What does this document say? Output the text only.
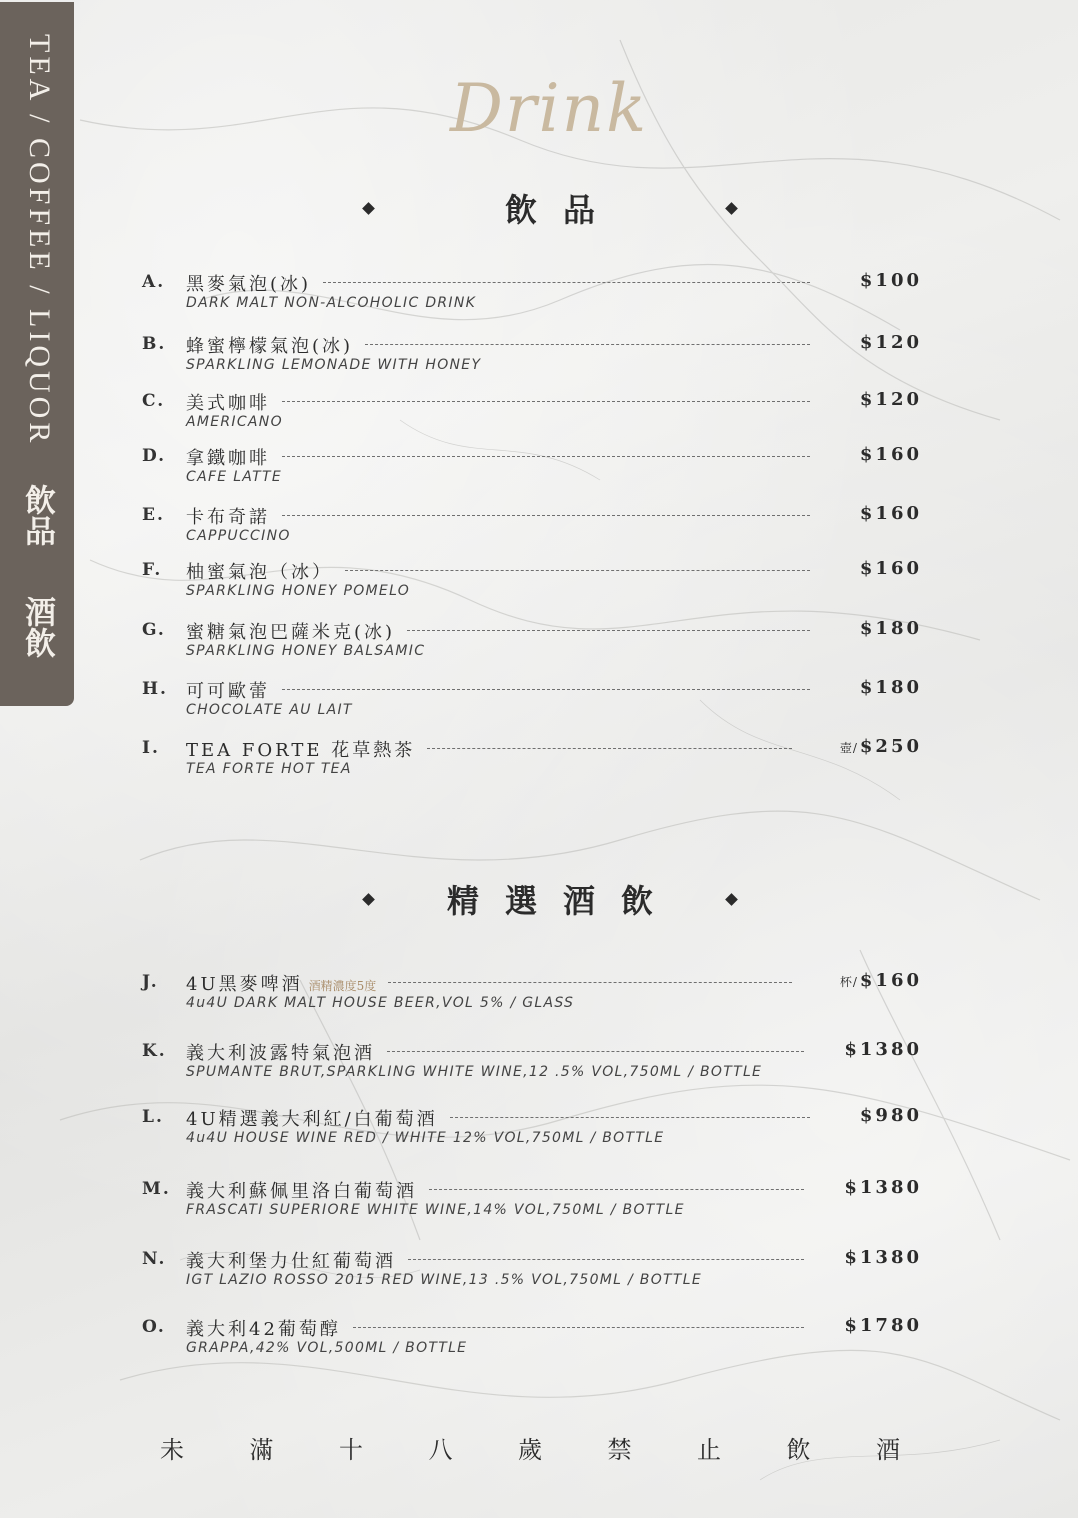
TEA / COFFEE / LIQUOR
飲品
酒飲
Drink
飲品
A. 黑麥氣泡(冰)
DARK MALT NON-ALCOHOLIC DRINK
$100
B. 蜂蜜檸檬氣泡(冰)
SPARKLING LEMONADE WITH HONEY
$120
C. 美式咖啡
AMERICANO
$120
D. 拿鐵咖啡
CAFE LATTE
$160
E. 卡布奇諾
CAPPUCCINO
$160
F. 柚蜜氣泡（冰）
SPARKLING HONEY POMELO
$160
G. 蜜糖氣泡巴薩米克(冰)
SPARKLING HONEY BALSAMIC
$180
H. 可可歐蕾
CHOCOLATE AU LAIT
$180
I. TEA FORTE 花草熱茶
TEA FORTE HOT TEA
壺/ $250
精選酒飲
J. 4U黑麥啤酒 酒精濃度5度
4u4U DARK MALT HOUSE BEER,VOL 5% / GLASS
杯/ $160
K. 義大利波露特氣泡酒
SPUMANTE BRUT,SPARKLING WHITE WINE,12 .5% VOL,750ML / BOTTLE
$1380
L. 4U精選義大利紅/白葡萄酒
4u4U HOUSE WINE RED / WHITE 12% VOL,750ML / BOTTLE
$980
M. 義大利蘇佩里洛白葡萄酒
FRASCATI SUPERIORE WHITE WINE,14% VOL,750ML / BOTTLE
$1380
N. 義大利堡力仕紅葡萄酒
IGT LAZIO ROSSO 2015 RED WINE,13 .5% VOL,750ML / BOTTLE
$1380
O. 義大利42葡萄醇
GRAPPA,42% VOL,500ML / BOTTLE
$1780
未	滿	十	八	歲	禁	止	飲	酒
